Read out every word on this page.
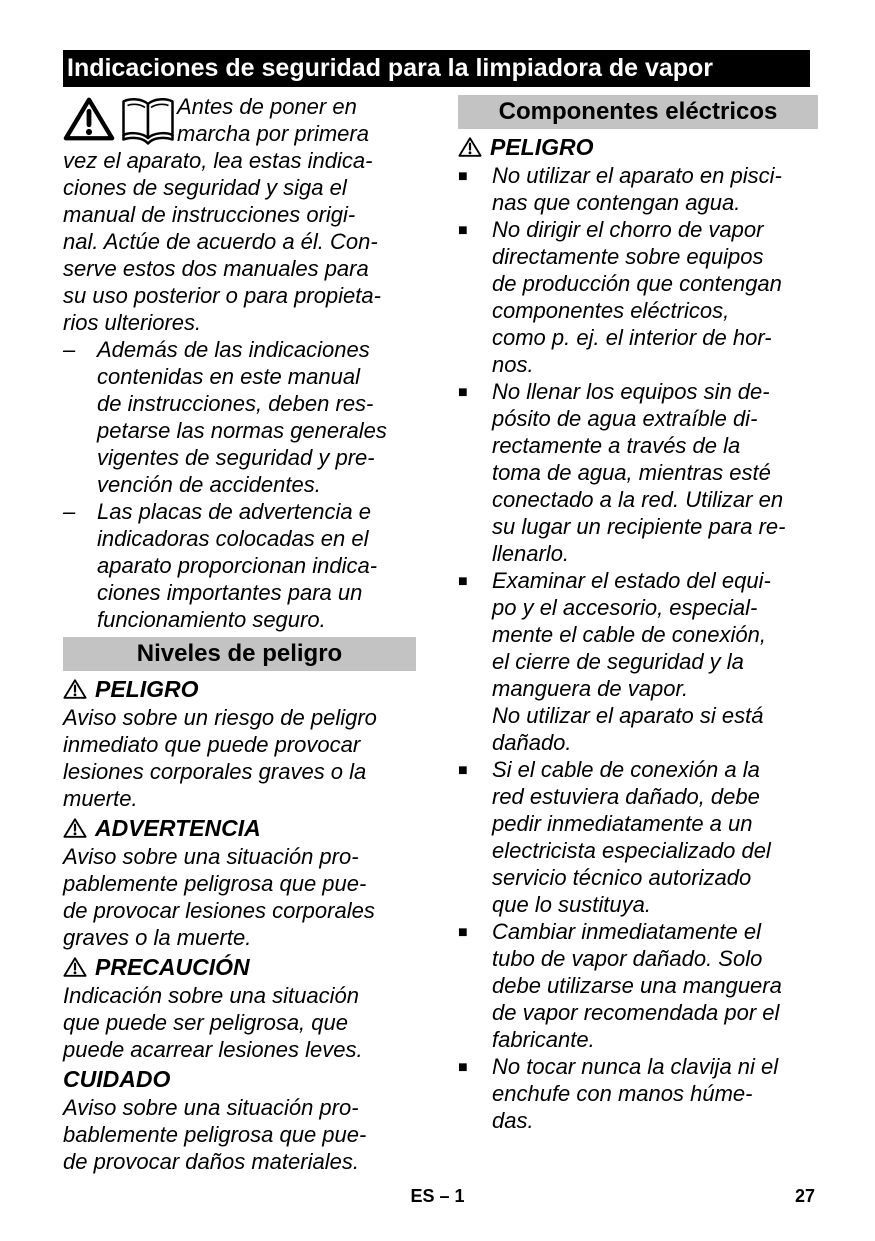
Indicaciones de seguridad para la limpiadora de vapor
Antes de poner en
marcha por primera
vez el aparato, lea estas indica-
ciones de seguridad y siga el
manual de instrucciones origi-
nal. Actúe de acuerdo a él. Con-
serve estos dos manuales para
su uso posterior o para propieta-
rios ulteriores.
– Además de las indicaciones
contenidas en este manual
de instrucciones, deben res-
petarse las normas generales
vigentes de seguridad y pre-
vención de accidentes.
– Las placas de advertencia e
indicadoras colocadas en el
aparato proporcionan indica-
ciones importantes para un
funcionamiento seguro.
Niveles de peligro
PELIGRO
Aviso sobre un riesgo de peligro
inmediato que puede provocar
lesiones corporales graves o la
muerte.
ADVERTENCIA
Aviso sobre una situación pro-
pablemente peligrosa que pue-
de provocar lesiones corporales
graves o la muerte.
PRECAUCIÓN
Indicación sobre una situación
que puede ser peligrosa, que
puede acarrear lesiones leves.
CUIDADO
Aviso sobre una situación pro-
bablemente peligrosa que pue-
de provocar daños materiales.
Componentes eléctricos
PELIGRO
■	No utilizar el aparato en pisci-
nas que contengan agua.
■	No dirigir el chorro de vapor
directamente sobre equipos
de producción que contengan
componentes eléctricos,
como p. ej. el interior de hor-
nos.
■	No llenar los equipos sin de-
pósito de agua extraíble di-
rectamente a través de la
toma de agua, mientras esté
conectado a la red. Utilizar en
su lugar un recipiente para re-
llenarlo.
■	Examinar el estado del equi-
po y el accesorio, especial-
mente el cable de conexión,
el cierre de seguridad y la
manguera de vapor.
No utilizar el aparato si está
dañado.
■	Si el cable de conexión a la
red estuviera dañado, debe
pedir inmediatamente a un
electricista especializado del
servicio técnico autorizado
que lo sustituya.
■	Cambiar inmediatamente el
tubo de vapor dañado. Solo
debe utilizarse una manguera
de vapor recomendada por el
fabricante.
■	No tocar nunca la clavija ni el
enchufe con manos húme-
das.
ES – 1	27
